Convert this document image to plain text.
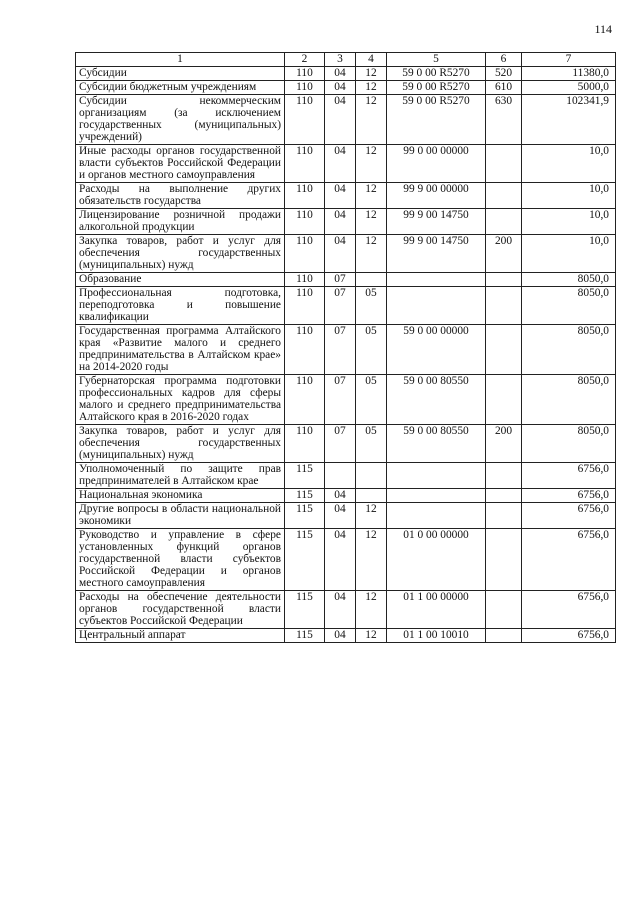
114
1	2	3	4	5	6	7
Субсидии	110	04	12	59 0 00 R5270	520	11380,0
Субсидии бюджетным учреждениям	110	04	12	59 0 00 R5270	610	5000,0
Субсидии некоммерческим организациям (за исключением государственных (муниципальных) учреждений)	110	04	12	59 0 00 R5270	630	102341,9
Иные расходы органов государственной власти субъектов Российской Федерации и органов местного самоуправления	110	04	12	99 0 00 00000		10,0
Расходы на выполнение других обязательств государства	110	04	12	99 9 00 00000		10,0
Лицензирование розничной продажи алкогольной продукции	110	04	12	99 9 00 14750		10,0
Закупка товаров, работ и услуг для обеспечения государственных (муниципальных) нужд	110	04	12	99 9 00 14750	200	10,0
Образование	110	07				8050,0
Профессиональная подготовка, переподготовка и повышение квалификации	110	07	05			8050,0
Государственная программа Алтайского края «Развитие малого и среднего предпринимательства в Алтайском крае» на 2014-2020 годы	110	07	05	59 0 00 00000		8050,0
Губернаторская программа подготовки профессиональных кадров для сферы малого и среднего предпринимательства Алтайского края в 2016-2020 годах	110	07	05	59 0 00 80550		8050,0
Закупка товаров, работ и услуг для обеспечения государственных (муниципальных) нужд	110	07	05	59 0 00 80550	200	8050,0
Уполномоченный по защите прав предпринимателей в Алтайском крае	115					6756,0
Национальная экономика	115	04				6756,0
Другие вопросы в области национальной экономики	115	04	12			6756,0
Руководство и управление в сфере установленных функций органов государственной власти субъектов Российской Федерации и органов местного самоуправления	115	04	12	01 0 00 00000		6756,0
Расходы на обеспечение деятельности органов государственной власти субъектов Российской Федерации	115	04	12	01 1 00 00000		6756,0
Центральный аппарат	115	04	12	01 1 00 10010		6756,0
